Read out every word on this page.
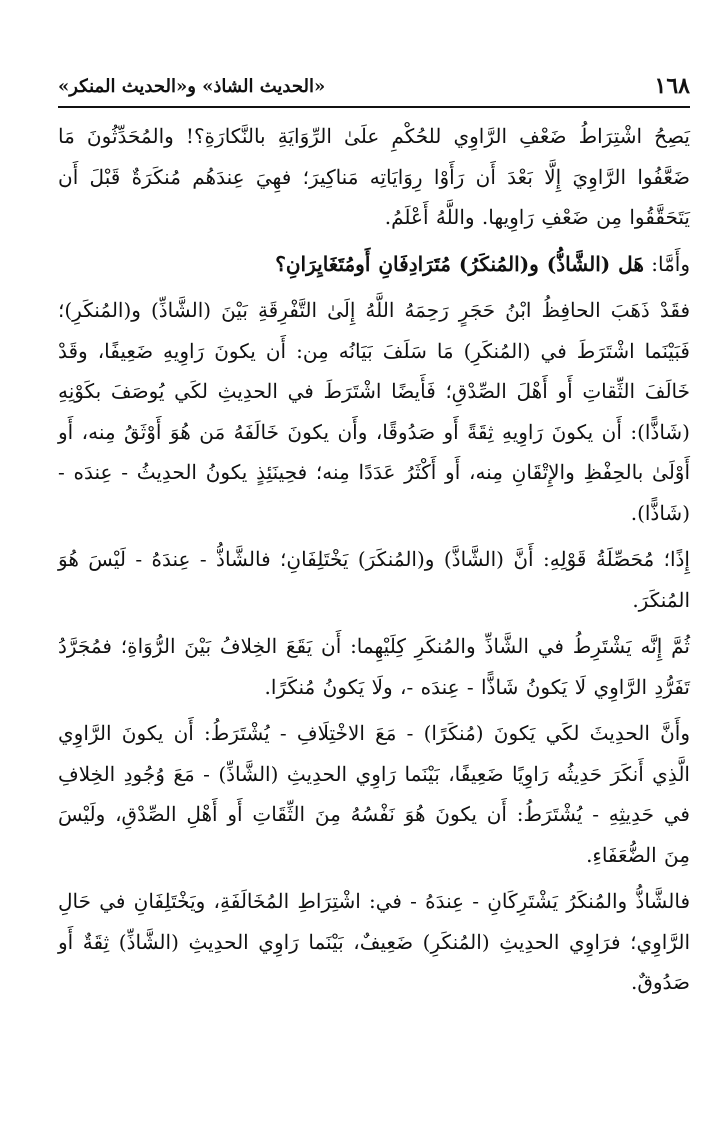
١٦٨
«الحديث الشاذ» و«الحديث المنكر»

يَصِحُ اشْتِرَاطُ ضَعْفِ الرَّاوِي للحُكْمِ علَىٰ الرِّوَايَةِ بالنَّكارَةِ؟! والمُحَدِّثُونَ مَا ضَعَّفُوا الرَّاوِيَ إِلَّا بَعْدَ أَن رَأَوْا رِوَايَاتِه مَناكِيرَ؛ فهِيَ عِندَهُم مُنكَرَةٌ قَبْلَ أَن يَتَحَقَّقُوا مِن ضَعْفِ رَاوِيها. واللَّهُ أَعْلَمُ.

وأَمَّا: هَل (الشَّاذُّ) و(المُنكَرُ) مُتَرَادِفَانِ أَومُتَغَايِرَانِ؟

فقَدْ ذَهَبَ الحافِظُ ابْنُ حَجَرٍ رَحِمَهُ اللَّهُ إِلَىٰ التَّفْرِقَةِ بَيْنَ (الشَّاذِّ) و(المُنكَرِ)؛ فَبَيْنَما اشْتَرَطَ في (المُنكَرِ) مَا سَلَفَ بَيَانُه مِن: أَن يكونَ رَاوِيهِ ضَعِيفًا، وقَدْ خَالَفَ الثِّقاتِ أَو أَهْلَ الصِّدْقِ؛ فَأَيضًا اشْتَرَطَ في الحدِيثِ لكَي يُوصَفَ بكَوْنِهِ (شَاذًّا): أَن يكونَ رَاوِيهِ ثِقَةً أَو صَدُوقًا، وأَن يكونَ خَالَفَهُ مَن هُوَ أَوْثَقُ مِنه، أَو أَوْلَىٰ بالحِفْظِ والإِتْقَانِ مِنه، أَو أَكْثَرُ عَدَدًا مِنه؛ فحِينَئِذٍ يكونُ الحدِيثُ - عِندَه - (شَاذًّا).

إِذًا؛ مُحَصِّلَةُ قَوْلِهِ: أَنَّ (الشَّاذَّ) و(المُنكَرَ) يَخْتَلِفَانِ؛ فالشَّاذُّ - عِندَهُ - لَيْسَ هُوَ المُنكَرَ.

ثُمَّ إِنَّه يَشْتَرِطُ في الشَّاذِّ والمُنكَرِ كِلَيْهِما: أَن يَقَعَ الخِلافُ بَيْنَ الرُّوَاةِ؛ فمُجَرَّدُ تَفَرُّدِ الرَّاوِي لَا يَكونُ شَاذًّا - عِندَه -، ولَا يَكونُ مُنكَرًا.

وأَنَّ الحدِيثَ لكَي يَكونَ (مُنكَرًا) - مَعَ الاخْتِلَافِ - يُشْتَرَطُ: أَن يكونَ الرَّاوِي الَّذِي أَنكَرَ حَدِيثُه رَاوِيًا ضَعِيفًا، بَيْنَما رَاوِي الحدِيثِ (الشَّاذِّ) - مَعَ وُجُودِ الخِلافِ في حَدِيثِهِ - يُشْتَرَطُ: أَن يكونَ هُوَ نَفْسُهُ مِنَ الثِّقَاتِ أَو أَهْلِ الصِّدْقِ، ولَيْسَ مِنَ الضُّعَفَاءِ.

فالشَّاذُّ والمُنكَرُ يَشْتَرِكَانِ - عِندَهُ - في: اشْتِرَاطِ المُخَالَفَةِ، ويَخْتَلِفَانِ في حَالِ الرَّاوِي؛ فرَاوِي الحدِيثِ (المُنكَرِ) ضَعِيفٌ، بَيْنَما رَاوِي الحدِيثِ (الشَّاذِّ) ثِقَةٌ أَو صَدُوقٌ.
